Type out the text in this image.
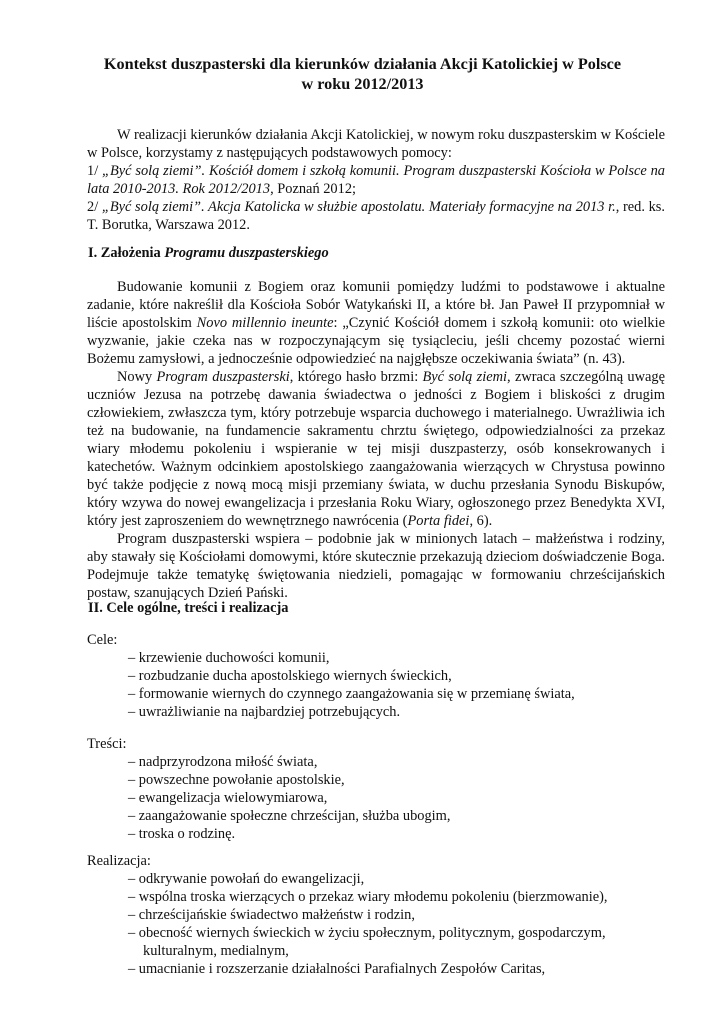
Kontekst duszpasterski dla kierunków działania Akcji Katolickiej w Polsce
w roku 2012/2013
W realizacji kierunków działania Akcji Katolickiej, w nowym roku duszpasterskim w Kościele w Polsce, korzystamy z następujących podstawowych pomocy:
1/ „Być solą ziemi”. Kościół domem i szkołą komunii. Program duszpasterski Kościoła w Polsce na lata 2010-2013. Rok 2012/2013, Poznań 2012;
2/ „Być solą ziemi”. Akcja Katolicka w służbie apostolatu. Materiały formacyjne na 2013 r., red. ks. T. Borutka, Warszawa 2012.
I. Założenia Programu duszpasterskiego
Budowanie komunii z Bogiem oraz komunii pomiędzy ludźmi to podstawowe i aktualne zadanie, które nakreślił dla Kościoła Sobór Watykański II, a które bł. Jan Paweł II przypomniał w liście apostolskim Novo millennio ineunte: „Czynić Kościół domem i szkołą komunii: oto wielkie wyzwanie, jakie czeka nas w rozpoczynającym się tysiącleciu, jeśli chcemy pozostać wierni Bożemu zamysłowi, a jednocześnie odpowiedzieć na najgłębsze oczekiwania świata” (n. 43).
Nowy Program duszpasterski, którego hasło brzmi: Być solą ziemi, zwraca szczególną uwagę uczniów Jezusa na potrzebę dawania świadectwa o jedności z Bogiem i bliskości z drugim człowiekiem, zwłaszcza tym, który potrzebuje wsparcia duchowego i materialnego. Uwrażliwia ich też na budowanie, na fundamencie sakramentu chrztu świętego, odpowiedzialności za przekaz wiary młodemu pokoleniu i wspieranie w tej misji duszpasterzy, osób konsekrowanych i katechetów. Ważnym odcinkiem apostolskiego zaangażowania wierzących w Chrystusa powinno być także podjęcie z nową mocą misji przemiany świata, w duchu przesłania Synodu Biskupów, który wzywa do nowej ewangelizacja i przesłania Roku Wiary, ogłoszonego przez Benedykta XVI, który jest zaproszeniem do wewnętrznego nawrócenia (Porta fidei, 6).
Program duszpasterski wspiera – podobnie jak w minionych latach – małżeństwa i rodziny, aby stawały się Kościołami domowymi, które skutecznie przekazują dzieciom doświadczenie Boga. Podejmuje także tematykę świętowania niedzieli, pomagając w formowaniu chrześcijańskich postaw, szanujących Dzień Pański.
II. Cele ogólne, treści i realizacja
Cele:
– krzewienie duchowości komunii,
– rozbudzanie ducha apostolskiego wiernych świeckich,
– formowanie wiernych do czynnego zaangażowania się w przemianę świata,
– uwrażliwianie na najbardziej potrzebujących.
Treści:
– nadprzyrodzona miłość świata,
– powszechne powołanie apostolskie,
– ewangelizacja wielowymiarowa,
– zaangażowanie społeczne chrześcijan, służba ubogim,
– troska o rodzinę.
Realizacja:
– odkrywanie powołań do ewangelizacji,
– wspólna troska wierzących o przekaz wiary młodemu pokoleniu (bierzmowanie),
– chrześcijańskie świadectwo małżeństw i rodzin,
– obecność wiernych świeckich w życiu społecznym, politycznym, gospodarczym,
kulturalnym, medialnym,
– umacnianie i rozszerzanie działalności Parafialnych Zespołów Caritas,
